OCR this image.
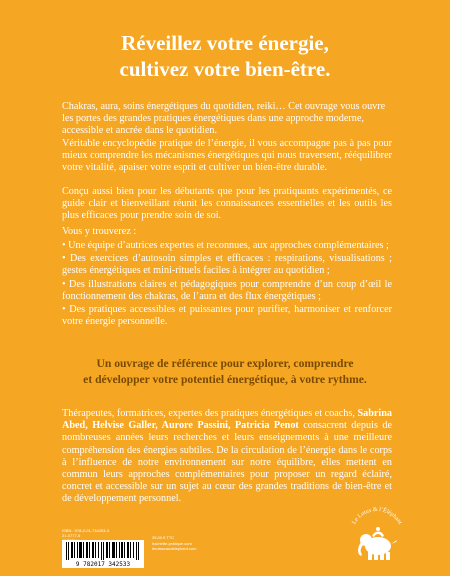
Réveillez votre énergie,
cultivez votre bien-être.
Chakras, aura, soins énergétiques du quotidien, reiki… Cet ouvrage vous ouvre les portes des grandes pratiques énergétiques dans une approche moderne, accessible et ancrée dans le quotidien.
Véritable encyclopédie pratique de l’énergie, il vous accompagne pas à pas pour mieux comprendre les mécanismes énergétiques qui nous traversent, rééquilibrer votre vitalité, apaiser votre esprit et cultiver un bien-être durable.
Conçu aussi bien pour les débutants que pour les pratiquants expérimentés, ce guide clair et bienveillant réunit les connaissances essentielles et les outils les plus efficaces pour prendre soin de soi.
Vous y trouverez :
• Une équipe d’autrices expertes et reconnues, aux approches complémentaires ;
• Des exercices d’autosoin simples et efficaces : respirations, visualisations ; gestes énergétiques et mini-rituels faciles à intégrer au quotidien ;
• Des illustrations claires et pédagogiques pour comprendre d’un coup d’œil le fonctionnement des chakras, de l’aura et des flux énergétiques ;
• Des pratiques accessibles et puissantes pour purifier, harmoniser et renforcer votre énergie personnelle.
Un ouvrage de référence pour explorer, comprendre
et développer votre potentiel énergétique, à votre rythme.
Thérapeutes, formatrices, expertes des pratiques énergétiques et coachs, Sabrina Abed, Helvise Galler, Aurore Passini, Patricia Penot consacrent depuis de nombreuses années leurs recherches et leurs enseignements à une meilleure compréhension des énergies subtiles. De la circulation de l’énergie dans le corps à l’influence de notre environnement sur notre équilibre, elles mettent en commun leurs approches complémentaires pour proposer un regard éclairé, concret et accessible sur un sujet au cœur des grandes traditions de bien-être et de développement personnel.
ISBN : 978-2-01-734253-3
21-0777-5
9 782017 342533
35,00 € TTC
hachette-pratique.com
leruisseaudelephant.com
Le Lotus & l’Éléphant
